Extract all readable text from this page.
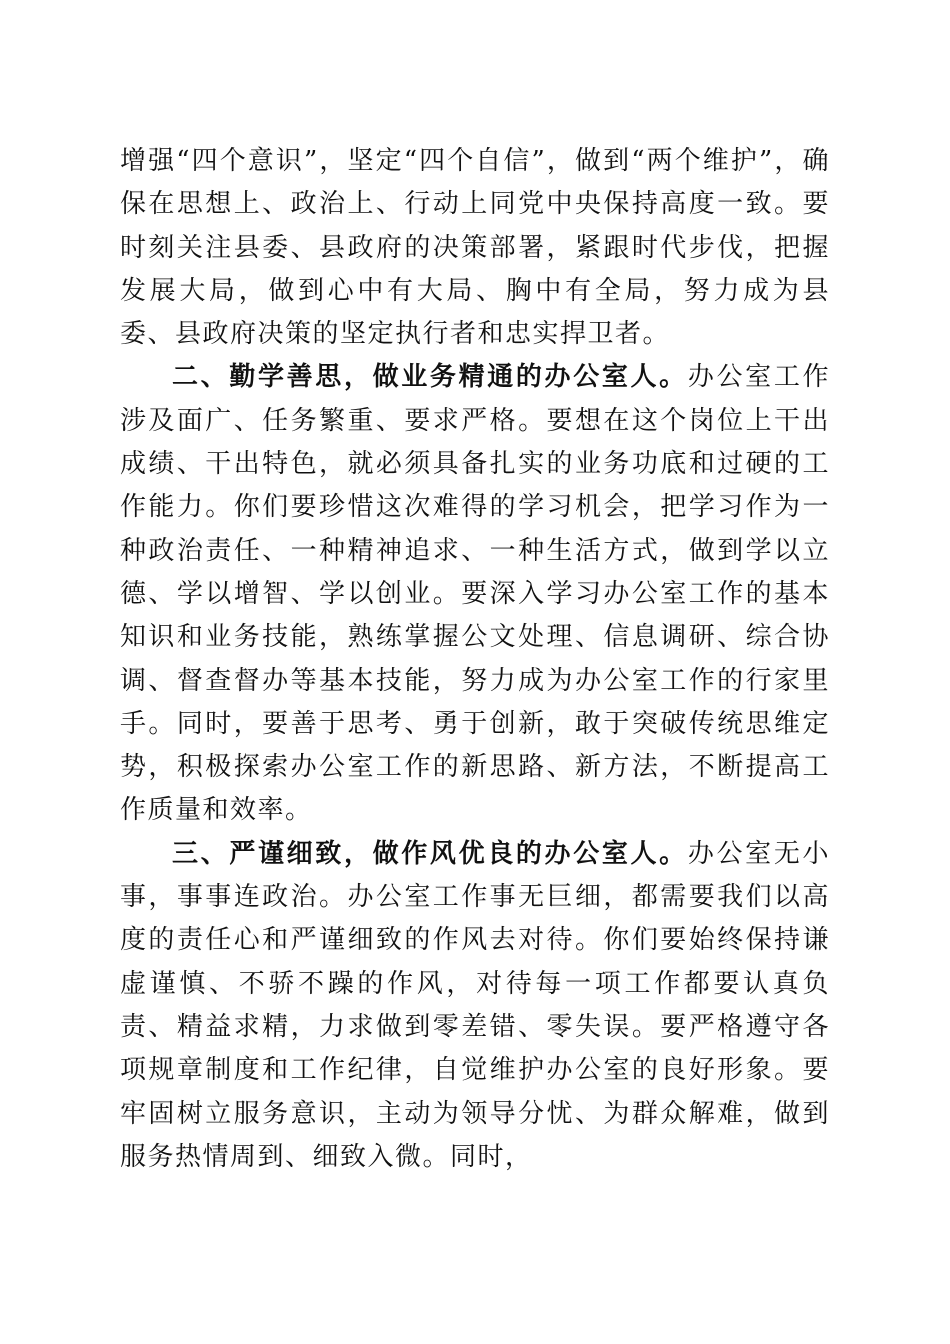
增强“四个意识”，坚定“四个自信”，做到“两个维护”，确保在思想上、政治上、行动上同党中央保持高度一致。要时刻关注县委、县政府的决策部署，紧跟时代步伐，把握发展大局，做到心中有大局、胸中有全局，努力成为县委、县政府决策的坚定执行者和忠实捍卫者。

二、勤学善思，做业务精通的办公室人。办公室工作涉及面广、任务繁重、要求严格。要想在这个岗位上干出成绩、干出特色，就必须具备扎实的业务功底和过硬的工作能力。你们要珍惜这次难得的学习机会，把学习作为一种政治责任、一种精神追求、一种生活方式，做到学以立德、学以增智、学以创业。要深入学习办公室工作的基本知识和业务技能，熟练掌握公文处理、信息调研、综合协调、督查督办等基本技能，努力成为办公室工作的行家里手。同时，要善于思考、勇于创新，敢于突破传统思维定势，积极探索办公室工作的新思路、新方法，不断提高工作质量和效率。

三、严谨细致，做作风优良的办公室人。办公室无小事，事事连政治。办公室工作事无巨细，都需要我们以高度的责任心和严谨细致的作风去对待。你们要始终保持谦虚谨慎、不骄不躁的作风，对待每一项工作都要认真负责、精益求精，力求做到零差错、零失误。要严格遵守各项规章制度和工作纪律，自觉维护办公室的良好形象。要牢固树立服务意识，主动为领导分忧、为群众解难，做到服务热情周到、细致入微。同时，
